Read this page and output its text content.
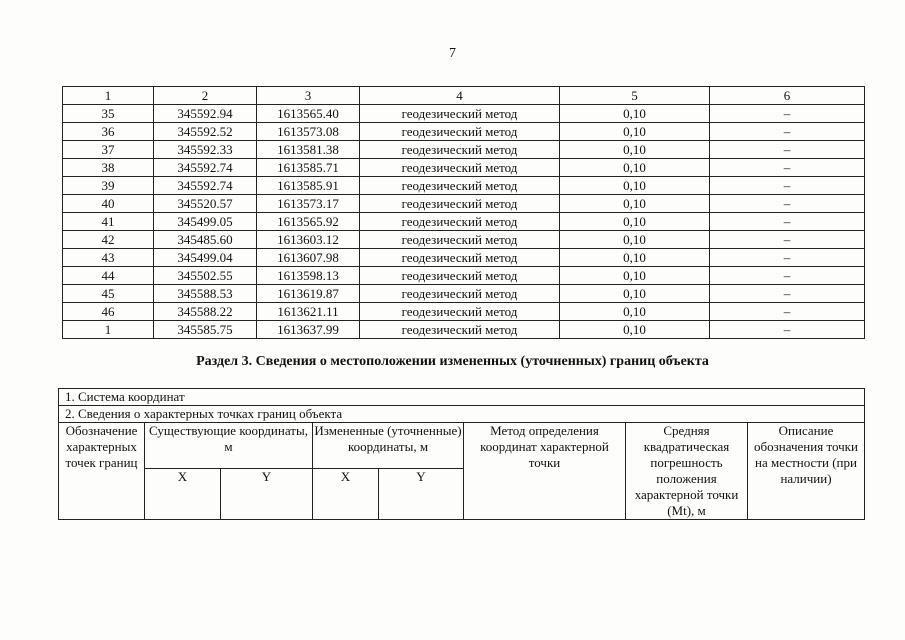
7
1	2	3	4	5	6
35	345592.94	1613565.40	геодезический метод	0,10	–
36	345592.52	1613573.08	геодезический метод	0,10	–
37	345592.33	1613581.38	геодезический метод	0,10	–
38	345592.74	1613585.71	геодезический метод	0,10	–
39	345592.74	1613585.91	геодезический метод	0,10	–
40	345520.57	1613573.17	геодезический метод	0,10	–
41	345499.05	1613565.92	геодезический метод	0,10	–
42	345485.60	1613603.12	геодезический метод	0,10	–
43	345499.04	1613607.98	геодезический метод	0,10	–
44	345502.55	1613598.13	геодезический метод	0,10	–
45	345588.53	1613619.87	геодезический метод	0,10	–
46	345588.22	1613621.11	геодезический метод	0,10	–
1	345585.75	1613637.99	геодезический метод	0,10	–
Раздел 3. Сведения о местоположении измененных (уточненных) границ объекта
1. Система координат							
2. Сведения о характерных точках границ объекта							
Обозначение характерных точек границ	Существующие координаты, м		Измененные (уточненные) координаты, м		Метод определения координат характерной точки	Средняя квадратическая погрешность положения характерной точки (Mt), м	Описание обозначения точки на местности (при наличии)
	X	Y	X	Y			
